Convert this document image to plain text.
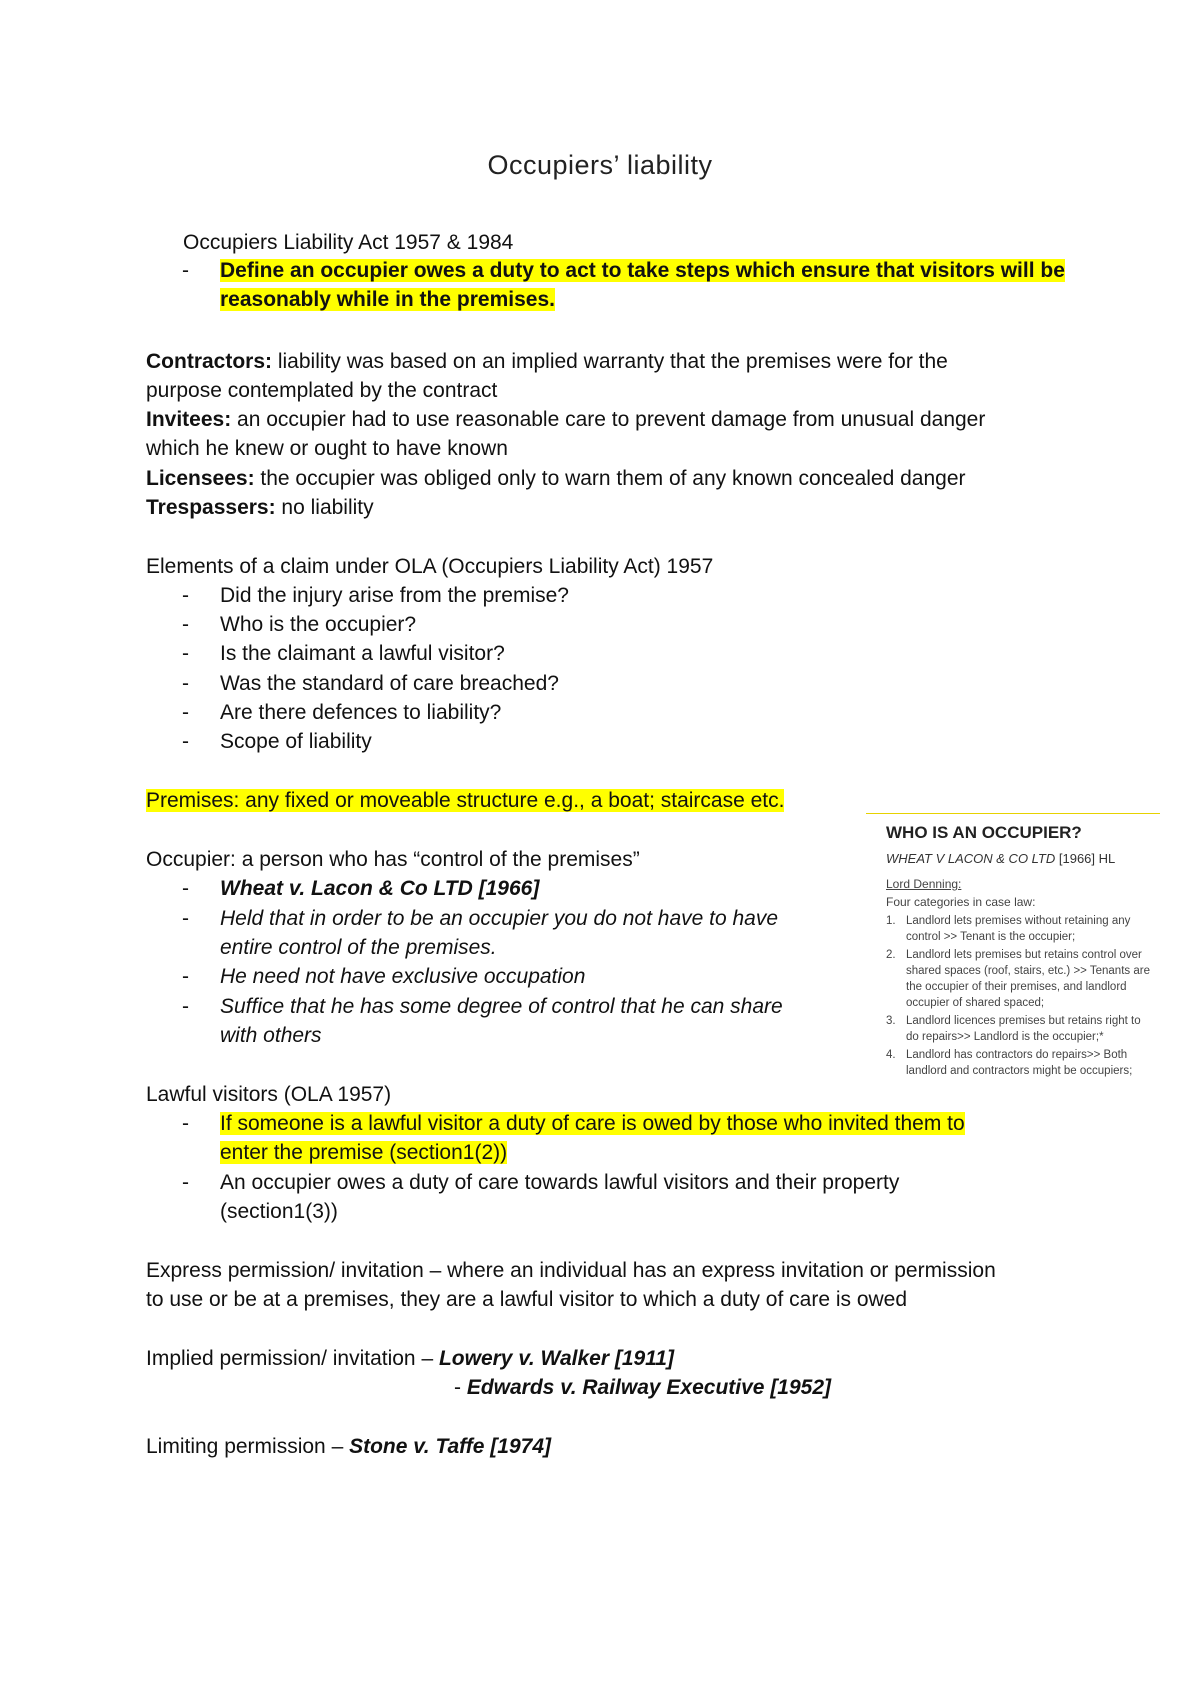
Occupiers’ liability
Occupiers Liability Act 1957 & 1984
- Define an occupier owes a duty to act to take steps which ensure that visitors will be
reasonably while in the premises.
Contractors: liability was based on an implied warranty that the premises were for the
purpose contemplated by the contract
Invitees: an occupier had to use reasonable care to prevent damage from unusual danger
which he knew or ought to have known
Licensees: the occupier was obliged only to warn them of any known concealed danger
Trespassers: no liability
Elements of a claim under OLA (Occupiers Liability Act) 1957
- Did the injury arise from the premise?
- Who is the occupier?
- Is the claimant a lawful visitor?
- Was the standard of care breached?
- Are there defences to liability?
- Scope of liability
Premises: any fixed or moveable structure e.g., a boat; staircase etc.
Occupier: a person who has “control of the premises”
- Wheat v. Lacon & Co LTD [1966]
- Held that in order to be an occupier you do not have to have
entire control of the premises.
- He need not have exclusive occupation
- Suffice that he has some degree of control that he can share
with others
Lawful visitors (OLA 1957)
- If someone is a lawful visitor a duty of care is owed by those who invited them to
enter the premise (section1(2))
- An occupier owes a duty of care towards lawful visitors and their property
(section1(3))
Express permission/ invitation – where an individual has an express invitation or permission
to use or be at a premises, they are a lawful visitor to which a duty of care is owed
Implied permission/ invitation – Lowery v. Walker [1911]
- Edwards v. Railway Executive [1952]
Limiting permission – Stone v. Taffe [1974]
WHO IS AN OCCUPIER?
WHEAT V LACON & CO LTD [1966] HL
Lord Denning:
Four categories in case law:
1. Landlord lets premises without retaining any control >> Tenant is the occupier;
2. Landlord lets premises but retains control over shared spaces (roof, stairs, etc.) >> Tenants are the occupier of their premises, and landlord occupier of shared spaced;
3. Landlord licences premises but retains right to do repairs>> Landlord is the occupier;*
4. Landlord has contractors do repairs>> Both landlord and contractors might be occupiers;
